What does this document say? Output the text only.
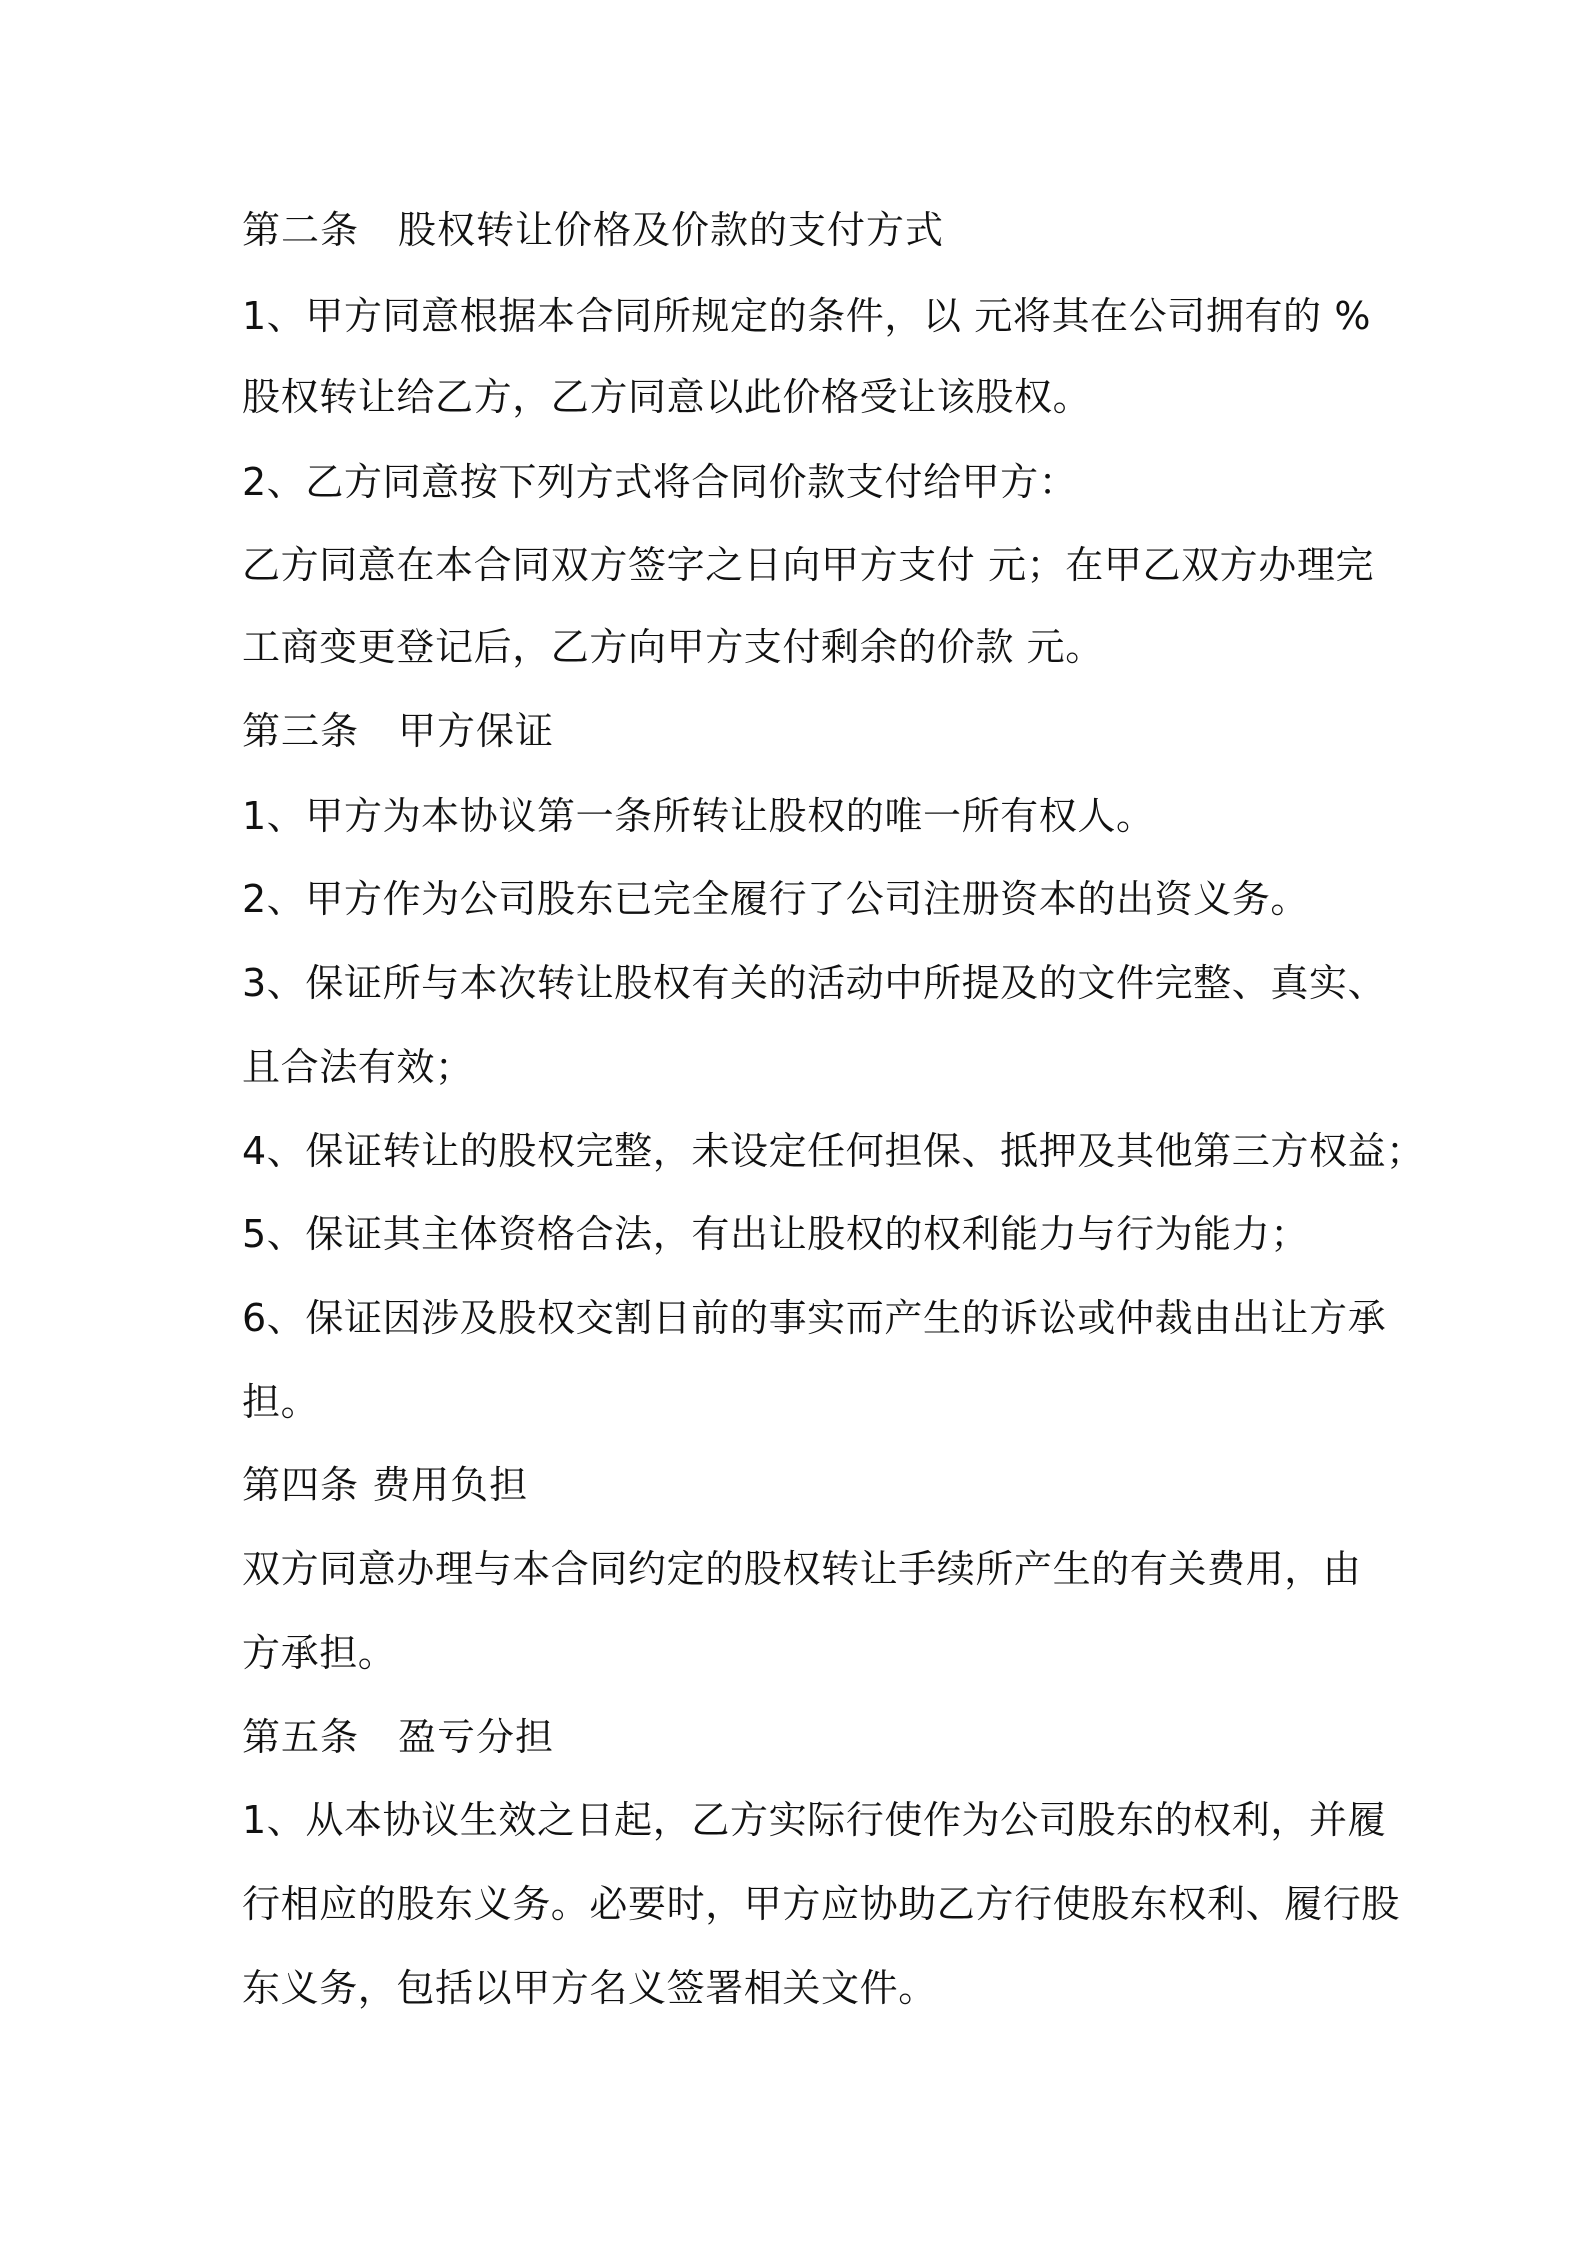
第二条　股权转让价格及价款的支付方式
1、甲方同意根据本合同所规定的条件，以 元将其在公司拥有的 %
股权转让给乙方，乙方同意以此价格受让该股权。
2、乙方同意按下列方式将合同价款支付给甲方：
乙方同意在本合同双方签字之日向甲方支付 元；在甲乙双方办理完
工商变更登记后，乙方向甲方支付剩余的价款 元。
第三条　甲方保证
1、甲方为本协议第一条所转让股权的唯一所有权人。
2、甲方作为公司股东已完全履行了公司注册资本的出资义务。
3、保证所与本次转让股权有关的活动中所提及的文件完整、真实、
且合法有效；
4、保证转让的股权完整，未设定任何担保、抵押及其他第三方权益；
5、保证其主体资格合法，有出让股权的权利能力与行为能力；
6、保证因涉及股权交割日前的事实而产生的诉讼或仲裁由出让方承
担。
第四条 费用负担
双方同意办理与本合同约定的股权转让手续所产生的有关费用，由
方承担。
第五条　盈亏分担
1、从本协议生效之日起，乙方实际行使作为公司股东的权利，并履
行相应的股东义务。必要时，甲方应协助乙方行使股东权利、履行股
东义务，包括以甲方名义签署相关文件。
